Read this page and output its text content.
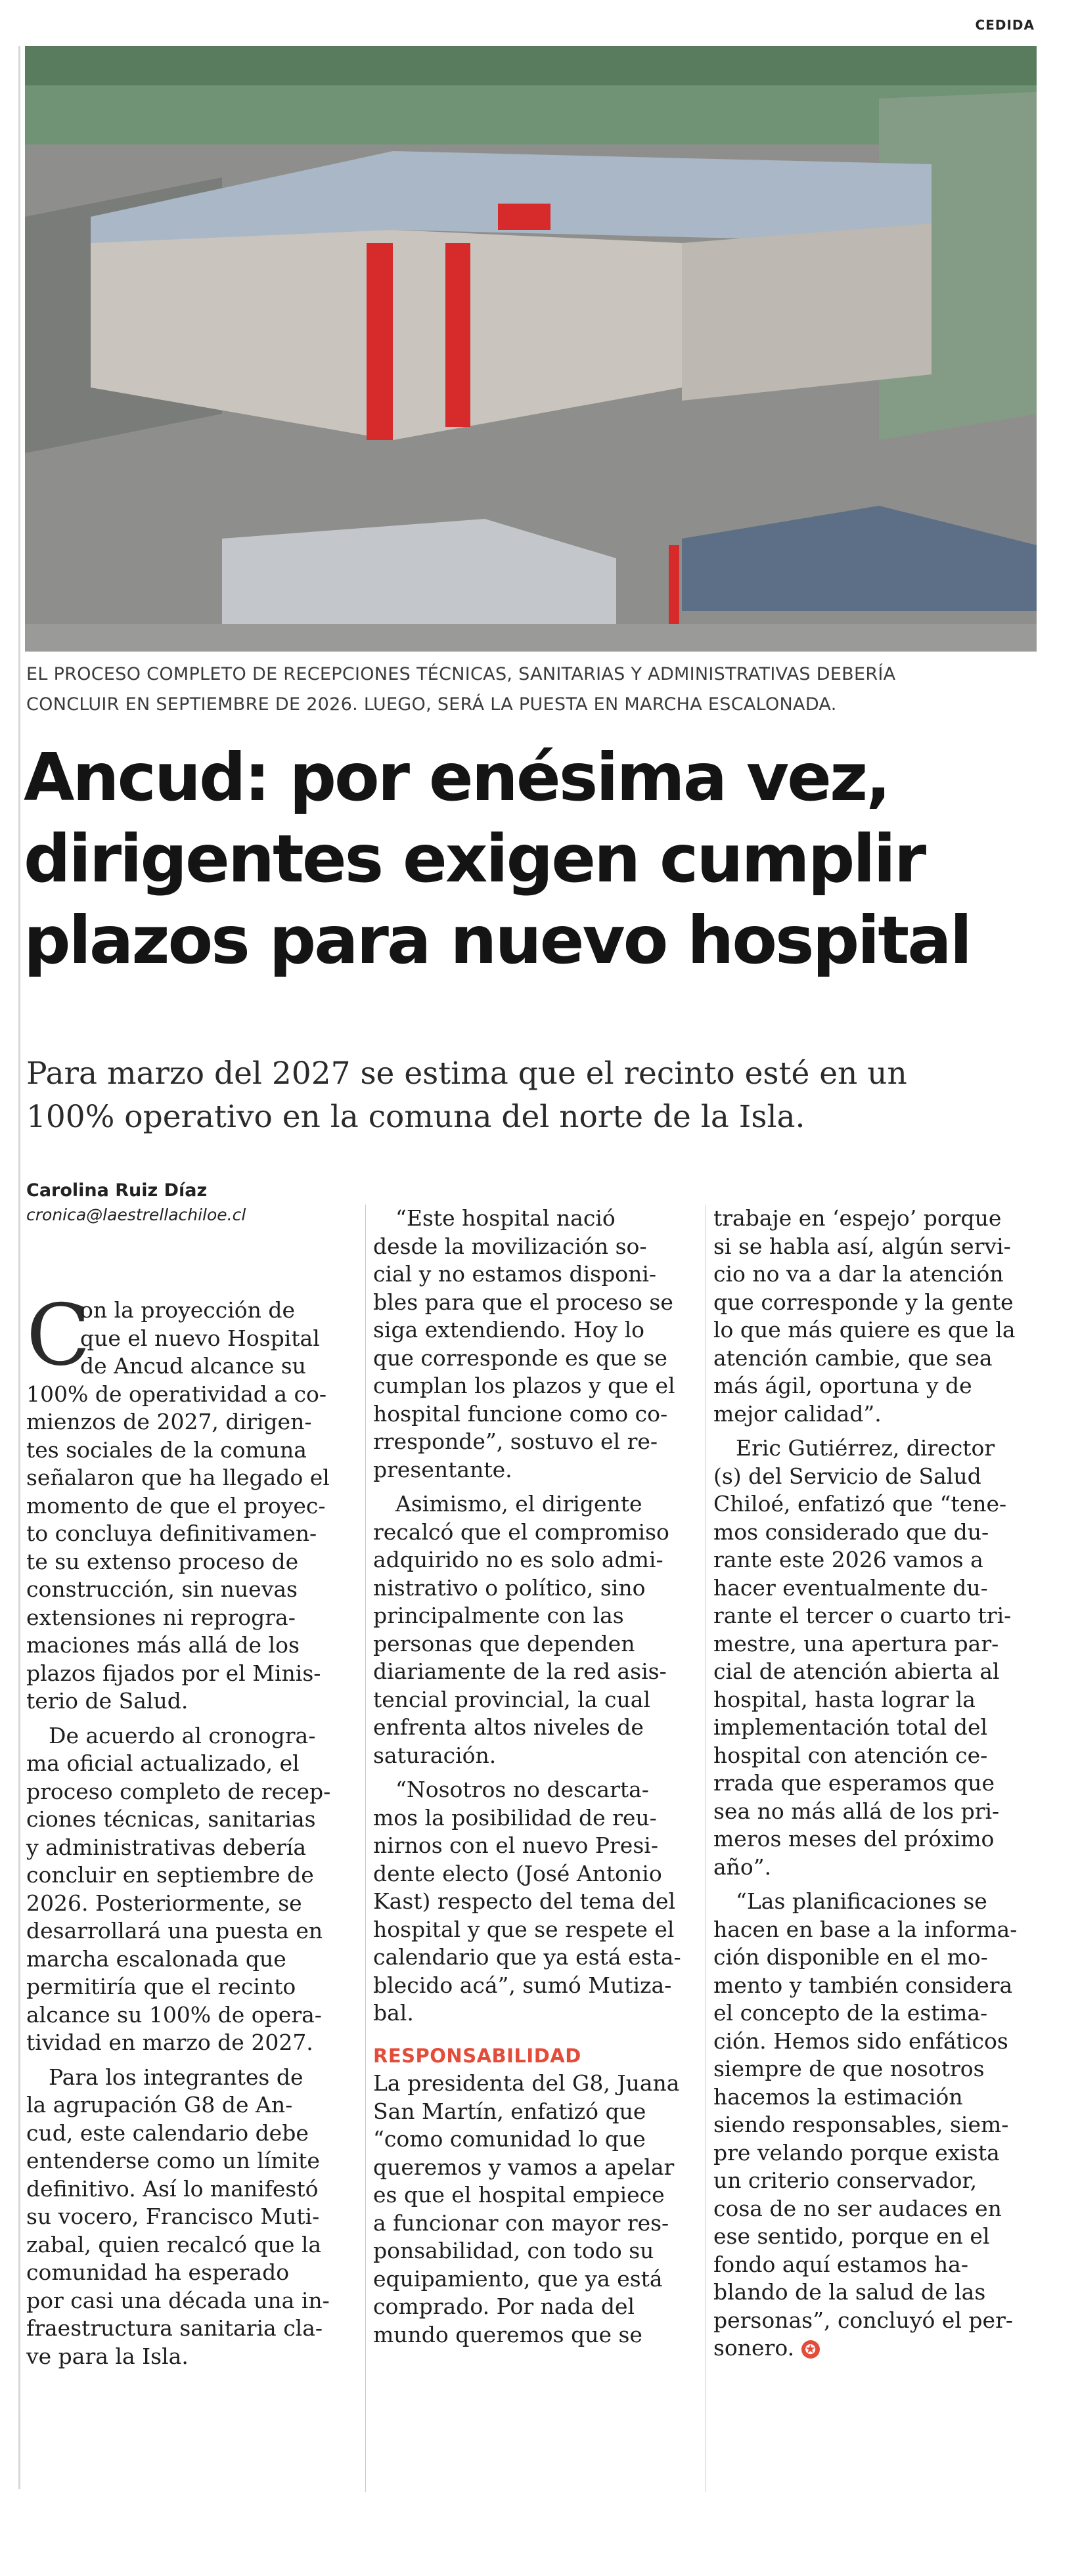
CEDIDA
EL PROCESO COMPLETO DE RECEPCIONES TÉCNICAS, SANITARIAS Y ADMINISTRATIVAS DEBERÍA
CONCLUIR EN SEPTIEMBRE DE 2026. LUEGO, SERÁ LA PUESTA EN MARCHA ESCALONADA.
Ancud: por enésima vez,
dirigentes exigen cumplir
plazos para nuevo hospital
Para marzo del 2027 se estima que el recinto esté en un
100% operativo en la comuna del norte de la Isla.
Carolina Ruiz Díaz
cronica@laestrellachiloe.cl
C
on la proyección de
que el nuevo Hospital
de Ancud alcance su
100% de operatividad a co-
mienzos de 2027, dirigen-
tes sociales de la comuna
señalaron que ha llegado el
momento de que el proyec-
to concluya definitivamen-
te su extenso proceso de
construcción, sin nuevas
extensiones ni reprogra-
maciones más allá de los
plazos fijados por el Minis-
terio de Salud.
De acuerdo al cronogra-
ma oficial actualizado, el
proceso completo de recep-
ciones técnicas, sanitarias
y administrativas debería
concluir en septiembre de
2026. Posteriormente, se
desarrollará una puesta en
marcha escalonada que
permitiría que el recinto
alcance su 100% de opera-
tividad en marzo de 2027.
Para los integrantes de
la agrupación G8 de An-
cud, este calendario debe
entenderse como un límite
definitivo. Así lo manifestó
su vocero, Francisco Muti-
zabal, quien recalcó que la
comunidad ha esperado
por casi una década una in-
fraestructura sanitaria cla-
ve para la Isla.
“Este hospital nació
desde la movilización so-
cial y no estamos disponi-
bles para que el proceso se
siga extendiendo. Hoy lo
que corresponde es que se
cumplan los plazos y que el
hospital funcione como co-
rresponde”, sostuvo el re-
presentante.
Asimismo, el dirigente
recalcó que el compromiso
adquirido no es solo admi-
nistrativo o político, sino
principalmente con las
personas que dependen
diariamente de la red asis-
tencial provincial, la cual
enfrenta altos niveles de
saturación.
“Nosotros no descarta-
mos la posibilidad de reu-
nirnos con el nuevo Presi-
dente electo (José Antonio
Kast) respecto del tema del
hospital y que se respete el
calendario que ya está esta-
blecido acá”, sumó Mutiza-
bal.
RESPONSABILIDAD
La presidenta del G8, Juana
San Martín, enfatizó que
“como comunidad lo que
queremos y vamos a apelar
es que el hospital empiece
a funcionar con mayor res-
ponsabilidad, con todo su
equipamiento, que ya está
comprado. Por nada del
mundo queremos que se
trabaje en ‘espejo’ porque
si se habla así, algún servi-
cio no va a dar la atención
que corresponde y la gente
lo que más quiere es que la
atención cambie, que sea
más ágil, oportuna y de
mejor calidad”.
Eric Gutiérrez, director
(s) del Servicio de Salud
Chiloé, enfatizó que “tene-
mos considerado que du-
rante este 2026 vamos a
hacer eventualmente du-
rante el tercer o cuarto tri-
mestre, una apertura par-
cial de atención abierta al
hospital, hasta lograr la
implementación total del
hospital con atención ce-
rrada que esperamos que
sea no más allá de los pri-
meros meses del próximo
año”.
“Las planificaciones se
hacen en base a la informa-
ción disponible en el mo-
mento y también considera
el concepto de la estima-
ción. Hemos sido enfáticos
siempre de que nosotros
hacemos la estimación
siendo responsables, siem-
pre velando porque exista
un criterio conservador,
cosa de no ser audaces en
ese sentido, porque en el
fondo aquí estamos ha-
blando de la salud de las
personas”, concluyó el per-
sonero. ✪
